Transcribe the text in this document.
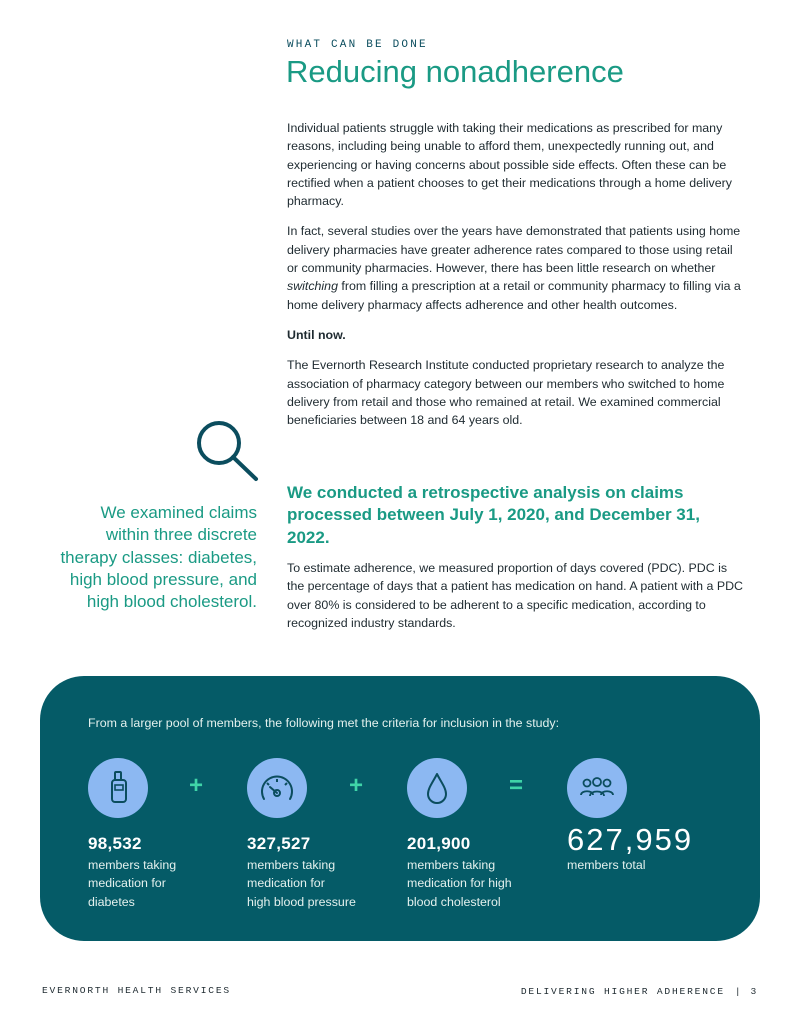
WHAT CAN BE DONE
Reducing nonadherence

Individual patients struggle with taking their medications as prescribed for many reasons, including being unable to afford them, unexpectedly running out, and experiencing or having concerns about possible side effects. Often these can be rectified when a patient chooses to get their medications through a home delivery pharmacy.

In fact, several studies over the years have demonstrated that patients using home delivery pharmacies have greater adherence rates compared to those using retail or community pharmacies. However, there has been little research on whether switching from filling a prescription at a retail or community pharmacy to filling via a home delivery pharmacy affects adherence and other health outcomes.

Until now.

The Evernorth Research Institute conducted proprietary research to analyze the association of pharmacy category between our members who switched to home delivery from retail and those who remained at retail. We examined commercial beneficiaries between 18 and 64 years old.

We examined claims within three discrete therapy classes: diabetes, high blood pressure, and high blood cholesterol.
We conducted a retrospective analysis on claims processed between July 1, 2020, and December 31, 2022.
To estimate adherence, we measured proportion of days covered (PDC). PDC is the percentage of days that a patient has medication on hand. A patient with a PDC over 80% is considered to be adherent to a specific medication, according to recognized industry standards.
From a larger pool of members, the following met the criteria for inclusion in the study:
98,532
members taking
medication for
diabetes
+
327,527
members taking
medication for
high blood pressure
+
201,900
members taking
medication for high
blood cholesterol
=
627,959
members total
EVERNORTH HEALTH SERVICES	DELIVERING HIGHER ADHERENCE | 3
